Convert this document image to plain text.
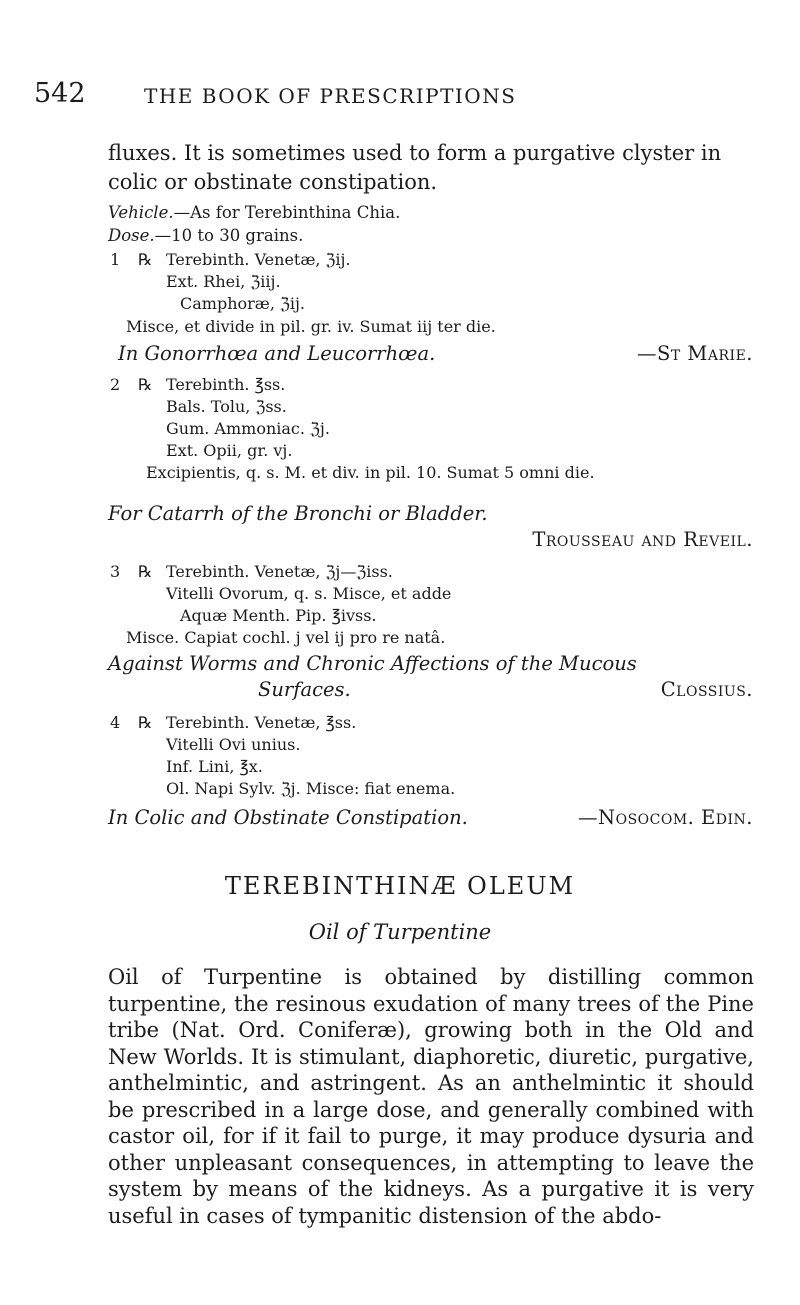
542	THE BOOK OF PRESCRIPTIONS
fluxes. It is sometimes used to form a purgative clyster in colic or obstinate constipation.
Vehicle.—As for Terebinthina Chia.
Dose.—10 to 30 grains.
1 ℞ Terebinth. Venetæ, ℨij.
Ext. Rhei, ℨiij.
Camphoræ, ℨij.
Misce, et divide in pil. gr. iv. Sumat iij ter die.
In Gonorrhœa and Leucorrhœa.	—St Marie.
2 ℞ Terebinth. ℥ss.
Bals. Tolu, ℨss.
Gum. Ammoniac. ℨj.
Ext. Opii, gr. vj.
Excipientis, q. s. M. et div. in pil. 10. Sumat 5 omni die.
For Catarrh of the Bronchi or Bladder.
Trousseau and Reveil.
3 ℞ Terebinth. Venetæ, ℨj—ℨiss.
Vitelli Ovorum, q. s. Misce, et adde
Aquæ Menth. Pip. ℥ivss.
Misce. Capiat cochl. j vel ij pro re natâ.
Against Worms and Chronic Affections of the Mucous
Surfaces.	Clossius.
4 ℞ Terebinth. Venetæ, ℥ss.
Vitelli Ovi unius.
Inf. Lini, ℥x.
Ol. Napi Sylv. ℨj. Misce: fiat enema.
In Colic and Obstinate Constipation.	—Nosocom. Edin.
TEREBINTHINÆ OLEUM
Oil of Turpentine
Oil of Turpentine is obtained by distilling common turpentine, the resinous exudation of many trees of the Pine tribe (Nat. Ord. Coniferæ), growing both in the Old and New Worlds. It is stimulant, diaphoretic, diuretic, purgative, anthelmintic, and astringent. As an anthelmintic it should be prescribed in a large dose, and generally combined with castor oil, for if it fail to purge, it may produce dysuria and other unpleasant consequences, in attempting to leave the system by means of the kidneys. As a purgative it is very useful in cases of tympanitic distension of the abdo-
